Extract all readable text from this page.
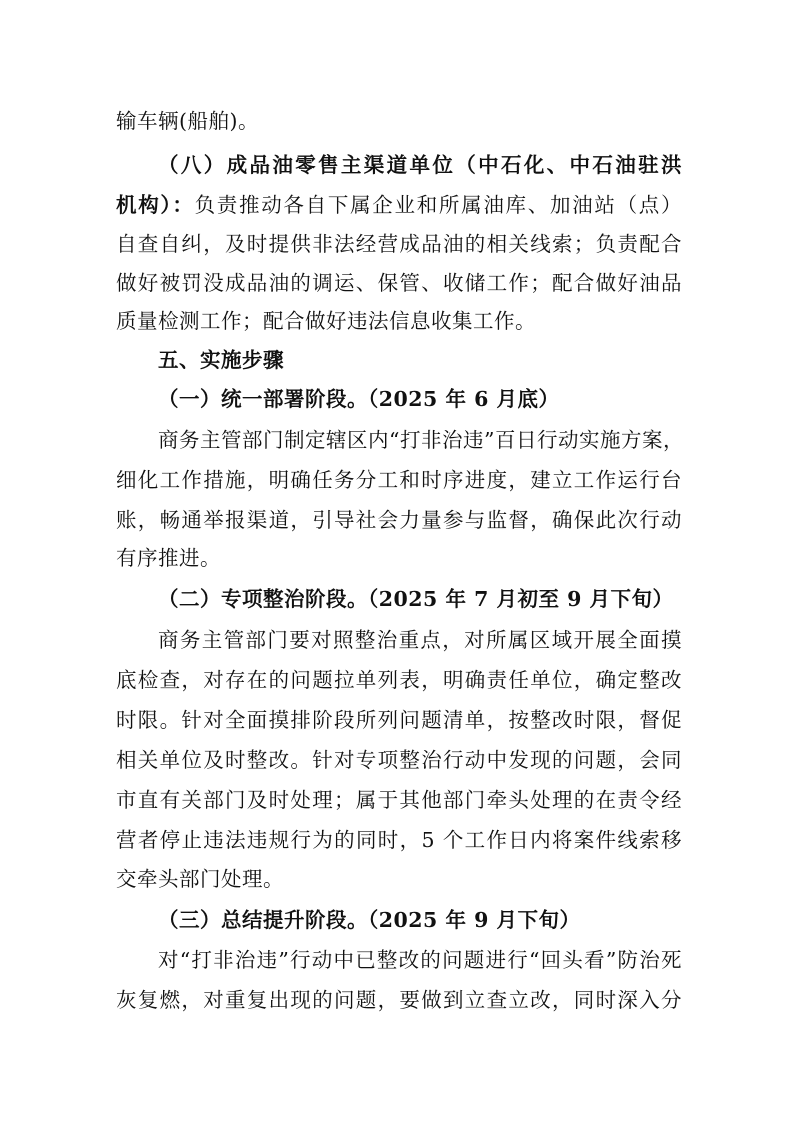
输车辆(船舶)。
（八）成品油零售主渠道单位（中石化、中石油驻洪
机构）：负责推动各自下属企业和所属油库、加油站（点）
自查自纠，及时提供非法经营成品油的相关线索；负责配合
做好被罚没成品油的调运、保管、收储工作；配合做好油品
质量检测工作；配合做好违法信息收集工作。
五、实施步骤
（一）统一部署阶段。（2025 年 6 月底）
商务主管部门制定辖区内“打非治违”百日行动实施方案，
细化工作措施，明确任务分工和时序进度，建立工作运行台
账，畅通举报渠道，引导社会力量参与监督，确保此次行动
有序推进。
（二）专项整治阶段。（2025 年 7 月初至 9 月下旬）
商务主管部门要对照整治重点，对所属区域开展全面摸
底检查，对存在的问题拉单列表，明确责任单位，确定整改
时限。针对全面摸排阶段所列问题清单，按整改时限，督促
相关单位及时整改。针对专项整治行动中发现的问题，会同
市直有关部门及时处理；属于其他部门牵头处理的在责令经
营者停止违法违规行为的同时，5 个工作日内将案件线索移
交牵头部门处理。
（三）总结提升阶段。（2025 年 9 月下旬）
对“打非治违”行动中已整改的问题进行“回头看”防治死
灰复燃，对重复出现的问题，要做到立查立改，同时深入分
